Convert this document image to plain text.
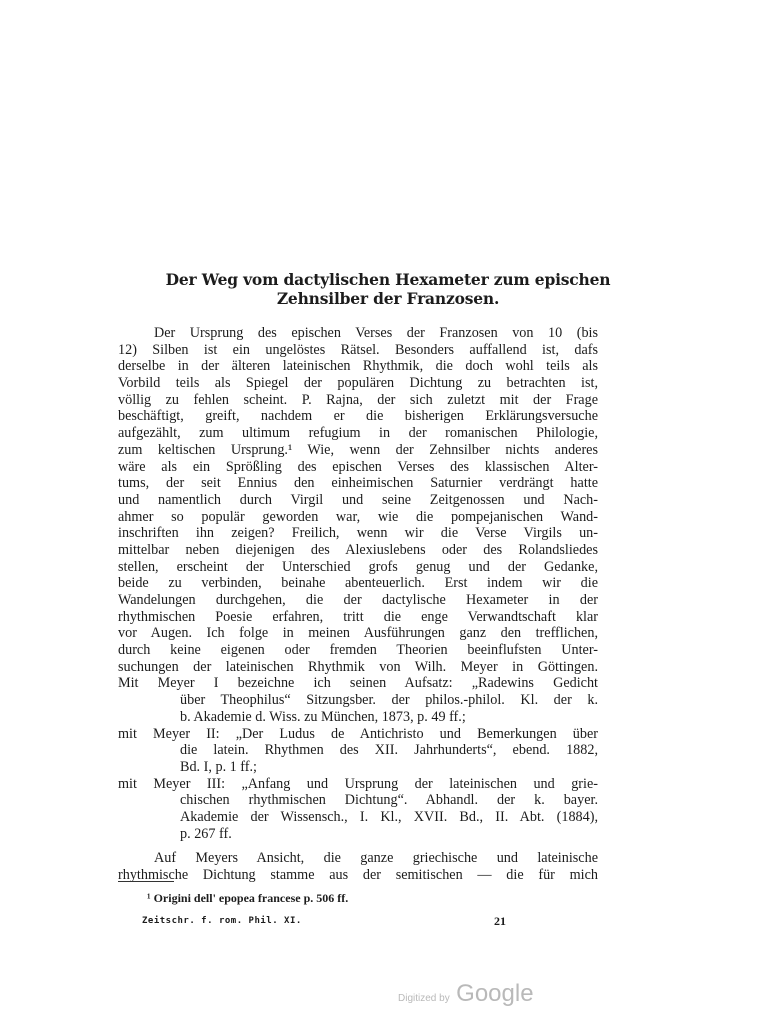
Der Weg vom dactylischen Hexameter zum epischen
Zehnsilber der Franzosen.
Der Ursprung des epischen Verses der Franzosen von 10 (bis
12) Silben ist ein ungelöstes Rätsel. Besonders auffallend ist, dafs
derselbe in der älteren lateinischen Rhythmik, die doch wohl teils als
Vorbild teils als Spiegel der populären Dichtung zu betrachten ist,
völlig zu fehlen scheint. P. Rajna, der sich zuletzt mit der Frage
beschäftigt, greift, nachdem er die bisherigen Erklärungsversuche
aufgezählt, zum ultimum refugium in der romanischen Philologie,
zum keltischen Ursprung.¹ Wie, wenn der Zehnsilber nichts anderes
wäre als ein Sprößling des epischen Verses des klassischen Alter-
tums, der seit Ennius den einheimischen Saturnier verdrängt hatte
und namentlich durch Virgil und seine Zeitgenossen und Nach-
ahmer so populär geworden war, wie die pompejanischen Wand-
inschriften ihn zeigen? Freilich, wenn wir die Verse Virgils un-
mittelbar neben diejenigen des Alexiuslebens oder des Rolandsliedes
stellen, erscheint der Unterschied grofs genug und der Gedanke,
beide zu verbinden, beinahe abenteuerlich. Erst indem wir die
Wandelungen durchgehen, die der dactylische Hexameter in der
rhythmischen Poesie erfahren, tritt die enge Verwandtschaft klar
vor Augen. Ich folge in meinen Ausführungen ganz den trefflichen,
durch keine eigenen oder fremden Theorien beeinflufsten Unter-
suchungen der lateinischen Rhythmik von Wilh. Meyer in Göttingen.
Mit Meyer I bezeichne ich seinen Aufsatz: „Radewins Gedicht
über Theophilus“ Sitzungsber. der philos.-philol. Kl. der k.
b. Akademie d. Wiss. zu München, 1873, p. 49 ff.;
mit Meyer II: „Der Ludus de Antichristo und Bemerkungen über
die latein. Rhythmen des XII. Jahrhunderts“, ebend. 1882,
Bd. I, p. 1 ff.;
mit Meyer III: „Anfang und Ursprung der lateinischen und grie-
chischen rhythmischen Dichtung“. Abhandl. der k. bayer.
Akademie der Wissensch., I. Kl., XVII. Bd., II. Abt. (1884),
p. 267 ff.
Auf Meyers Ansicht, die ganze griechische und lateinische
rhythmische Dichtung stamme aus der semitischen — die für mich
¹ Origini dell' epopea francese p. 506 ff.
Zeitschr. f. rom. Phil. XI.	21
Digitized by Google
